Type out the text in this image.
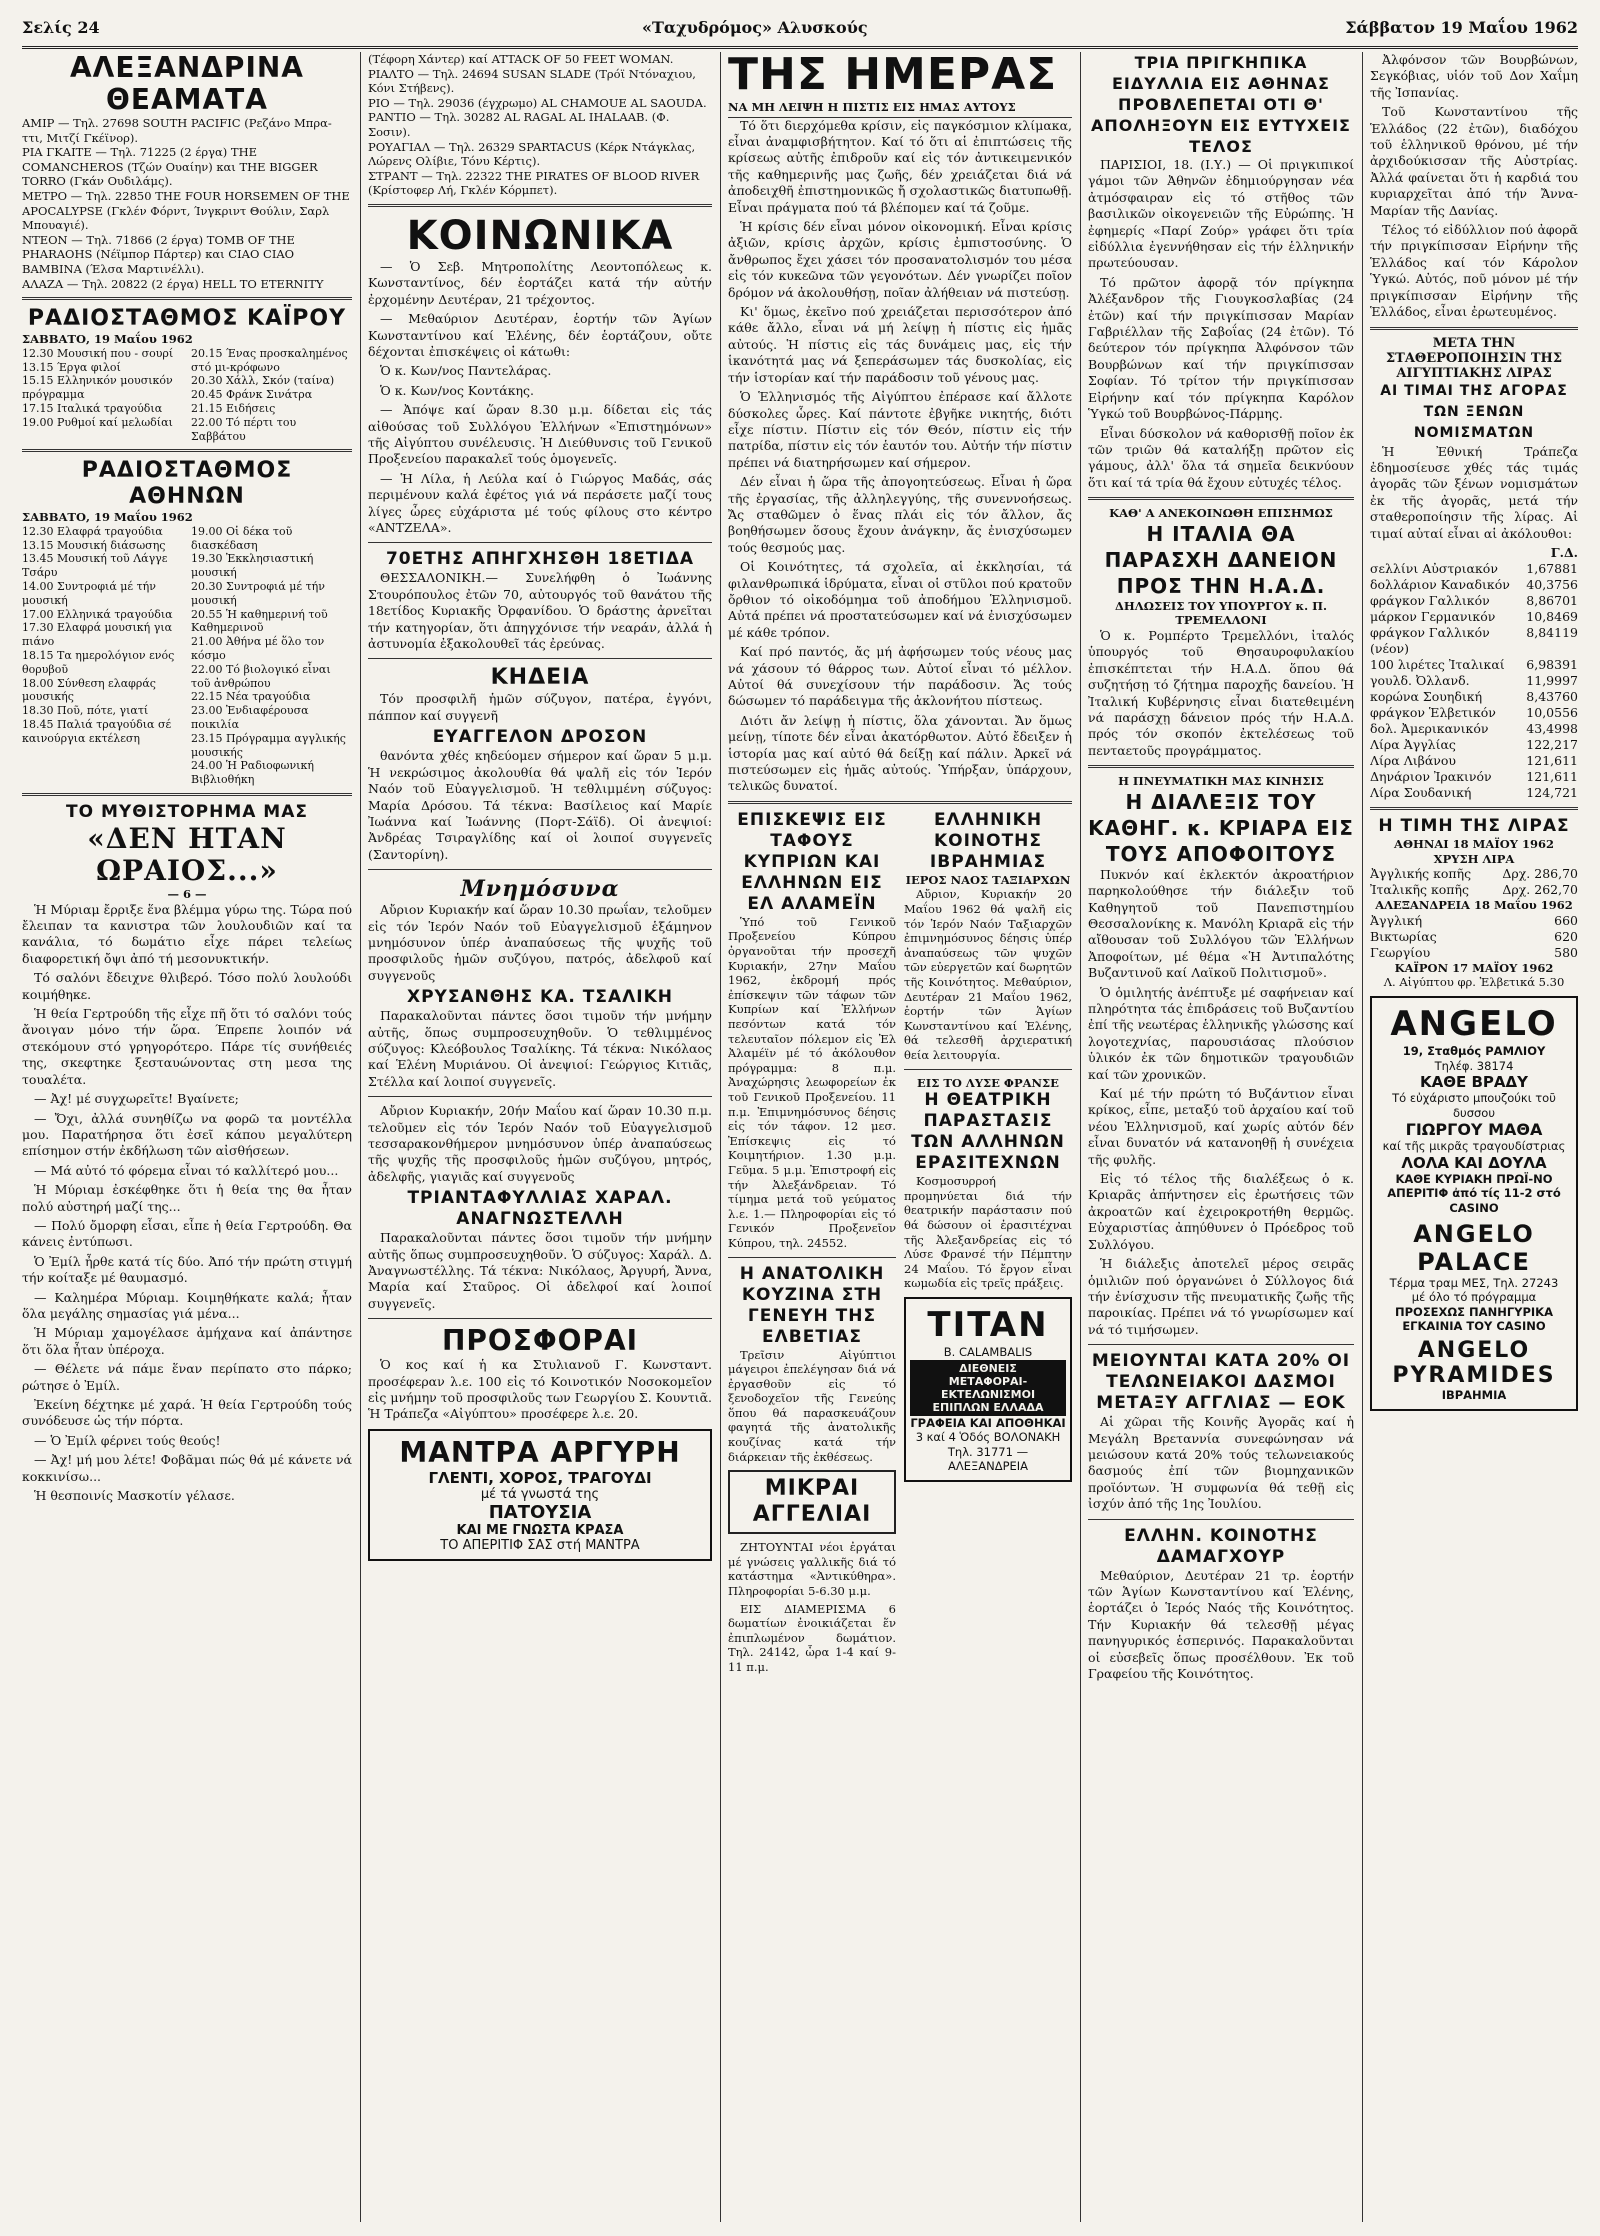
Σελίς 24	«Ταχυδρόμος» Αλυσκούς	Σάββατον 19 Μαΐου 1962
ΑΛΕΞΑΝΔΡΙΝΑ ΘΕΑΜΑΤΑ
ΑΜΙΡ — Τηλ. 27698 SOUTH PACIFIC (Ρεζάνο Μπρα-ττι, Μιτζί Γκέϊνορ).
ΡΙΑ ΓΚΑΙΤΕ — Τηλ. 71225 (2 έργα) THE COMANCHEROS (Τζών Ουαίην) και THE BIGGER TORRO (Γκάν Ουδιλάμς).
ΜΕΤΡΟ — Τηλ. 22850 THE FOUR HORSEMEN OF THE APOCALYPSE (Γκλέν Φόρντ, Ίνγκριντ Θούλιν, Σαρλ Μπουαγιέ).
ΝΤΕΟΝ — Τηλ. 71866 (2 έργα) TOMB OF THE PHARAOHS (Νέϊμπορ Πάρτερ) και CIAO CIAO BAMBINA (Έλσα Μαρτινέλλι).
ΑΛΑΖΑ — Τηλ. 20822 (2 έργα) HELL TO ETERNITY
ΡΑΔΙΟΣΤΑΘΜΟΣ ΚΑΪΡΟΥ
ΣΑΒΒΑΤΟ, 19 Μαΐου 1962
12.30 Μουσική που - σουρί
13.15 Έργα φιλοί
15.15 Ελληνικόν μουσικόν πρόγραμμα
17.15 Ιταλικά τραγούδια
19.00 Ρυθμοί καί μελωδίαι
20.15 Ένας προσκαλημένος στό μι-κρόφωνο
20.30 Χάλλ, Σκόν (ταίνα)
20.45 Φράνκ Σινάτρα
21.15 Ειδήσεις
22.00 Τό πέρτι του Σαββάτου
ΡΑΔΙΟΣΤΑΘΜΟΣ ΑΘΗΝΩΝ
ΣΑΒΒΑΤΟ, 19 Μαΐου 1962
12.30 Ελαφρά τραγούδια
13.15 Μουσική διάσωσης
13.45 Μουσική τοῦ Λάγγε Τσάρυ
14.00 Συντροφιά μέ τήν μουσική
17.00 Ελληνικά τραγούδια
17.30 Ελαφρά μουσική για πιάνο
18.15 Τα ημερολόγιον ενός θορυβοῦ
18.00 Σύνθεση ελαφράς μουσικής
18.30 Ποῦ, πότε, γιατί
18.45 Παλιά τραγούδια σέ καινούργια εκτέλεση
19.00 Οἱ δέκα τοῦ διασκέδαση
19.30 Ἐκκλησιαστική μουσική
20.30 Συντροφιά μέ τήν μουσική
20.55 Ἡ καθημερινή τοῦ Καθημερινοῦ
21.00 Ἀθήνα μέ ὅλο τον κόσμο
22.00 Τό βιολογικό εἶναι τοῦ ἀνθρώπου
22.15 Νέα τραγούδια
23.00 Ἐνδιαφέρουσα ποικιλία
23.15 Πρόγραμμα αγγλικής μουσικής
24.00 Ἡ Ραδιοφωνική Βιβλιοθήκη
ΤΟ ΜΥΘΙΣΤΟΡΗΜΑ ΜΑΣ
«ΔΕΝ ΗΤΑΝ ΩΡΑΙΟΣ...»
— 6 —

Ἡ Μύριαμ ἔρριξε ἕνα βλέμμα γύρω της. Τώρα πού ἔλειπαν τα κανιστρα τῶν λουλουδιῶν καί τα κανάλια, τό δωμάτιο εἶχε πάρει τελείως διαφορετική ὄψι ἀπό τή μεσονυκτικήν.

Τό σαλόνι ἔδειχνε θλιβερό. Τόσο πολύ λουλούδι κοιμήθηκε.

Ἡ θεία Γερτρούδη τῆς εἶχε πῆ ὅτι τό σαλόνι τούς ἄνοιγαν μόνο τήν ὥρα. Έπρεπε λοιπόν νά στεκόμουν στό γρηγορότερο. Πάρε τίς συνήθειές της, σκεφτηκε ξεσταυώνοντας στη μεσα της τουαλέτα.

— Ἀχ! μέ συγχωρεῖτε! Βγαίνετε;

— Ὄχι, ἀλλά συνηθίζω να φορῶ τα μοντέλλα μου. Παρατήρησα ὅτι ἐσεῖ κάπου μεγαλύτερη επίσημον στήν ἐκδήλωση τῶν αἰσθήσεων.

— Μά αὐτό τό φόρεμα εἶναι τό καλλίτερό μου...

Ἡ Μύριαμ ἐσκέφθηκε ὅτι ἡ θεία της θα ἦταν πολύ αὐστηρή μαζί της...

— Πολύ ὄμορφη εἶσαι, εἶπε ἡ θεία Γερτρούδη. Θα κάνεις ἐντύπωσι.

Ὁ Ἐμίλ ἦρθε κατά τίς δύο. Ἀπό τήν πρώτη στιγμή τήν κοίταξε μέ θαυμασμό.

— Καλημέρα Μύριαμ. Κοιμηθήκατε καλά; ἦταν ὅλα μεγάλης σημασίας γιά μένα...

Ἡ Μύριαμ χαμογέλασε ἀμήχανα καί ἀπάντησε ὅτι ὅλα ἦταν ὑπέροχα.

— Θέλετε νά πάμε ἕναν περίπατο στο πάρκο; ρώτησε ὁ Ἐμίλ.

Ἐκείνη δέχτηκε μέ χαρά. Ἡ θεία Γερτρούδη τούς συνόδευσε ὡς τήν πόρτα.

— Ὁ Ἐμίλ φέρνει τούς θεούς!

— Ἀχ! μή μου λέτε! Φοβᾶμαι πώς θά μέ κάνετε νά κοκκινίσω...

Ἡ θεσποινίς Μασκοτίν γέλασε.

(Τέφορη Χάντερ) καί ATTACK OF 50 FEET WOMAN.
ΡΙΑΛΤΟ — Τηλ. 24694 SUSAN SLADE (Τρόϊ Ντόναχιου, Κόνι Στήβενς).
ΡΙΟ — Τηλ. 29036 (έγχρωμο) AL CHAMOUE AL SAOUDA.
ΡΑΝΤΙΟ — Τηλ. 30282 AL RAGAL AL IHALAAB. (Φ. Σοσιν).
ΡΟΥΑΓΙΑΛ — Τηλ. 26329 SPARTACUS (Κέρκ Ντάγκλας, Λώρενς Ολίβιε, Τόνυ Κέρτις).
ΣΤΡΑΝΤ — Τηλ. 22322 THE PIRATES OF BLOOD RIVER (Κρίστοφερ Λή, Γκλέν Κόρμπετ).
ΚΟΙΝΩΝΙΚΑ

— Ὁ Σεβ. Μητροπολίτης Λεοντοπόλεως κ. Κωνσταντίνος, δέν ἑορτάζει κατά τήν αὐτήν ἐρχομένην Δευτέραν, 21 τρέχοντος.

— Μεθαύριον Δευτέραν, ἑορτήν τῶν Ἁγίων Κωνσταντίνου καί Ἑλένης, δέν ἑορτάζουν, οὔτε δέχονται ἐπισκέψεις οἱ κάτωθι:

Ὁ κ. Κων/νος Παντελάρας.

Ὁ κ. Κων/νος Κοντάκης.

— Ἀπόψε καί ὥραν 8.30 μ.μ. δίδεται εἰς τάς αἰθούσας τοῦ Συλλόγου Ἑλλήνων «Ἐπιστημόνων» τῆς Αἰγύπτου συνέλευσις. Ἡ Διεύθυνσις τοῦ Γενικοῦ Προξενείου παρακαλεῖ τούς ὁμογενεῖς.

— Ἡ Λίλα, ἡ Λεύλα καί ὁ Γιώργος Μαδάς, σάς περιμένουν καλά ἐφέτος γιά νά περάσετε μαζί τους λίγες ὧρες εὐχάριστα μέ τούς φίλους στο κέντρο «ΑΝΤΖΕΛΑ».

70ΕΤΗΣ ΑΠΗΓΧΗΣΘΗ 18ΕΤΙΔΑ

ΘΕΣΣΑΛΟΝΙΚΗ.— Συνελήφθη ὁ Ἰωάννης Στουρόπουλος ἐτῶν 70, αὐτουργός τοῦ θανάτου τῆς 18ετίδος Κυριακῆς Ὀρφανίδου. Ὁ δράστης ἀρνεῖται τήν κατηγορίαν, ὅτι ἀπηγχόνισε τήν νεαράν, ἀλλά ἡ ἀστυνομία ἐξακολουθεῖ τάς ἐρεύνας.

ΚΗΔΕΙΑ

Τόν προσφιλῆ ἡμῶν σύζυγον, πατέρα, ἐγγόνι, πάππον καί συγγενῆ

ΕΥΑΓΓΕΛΟΝ ΔΡΟΣΟΝ

θανόντα χθές κηδεύομεν σήμερον καί ὥραν 5 μ.μ. Ἡ νεκρώσιμος ἀκολουθία θά ψαλῆ εἰς τόν Ἱερόν Ναόν τοῦ Εὐαγγελισμοῦ. Ἡ τεθλιμμένη σύζυγος: Μαρία Δρόσου. Τά τέκνα: Βασίλειος καί Μαρίε Ἰωάννα καί Ἰωάννης (Πορτ-Σάϊδ). Οἱ ἀνεψιοί: Ἀνδρέας Τσιραγλίδης καί οἱ λοιποί συγγενεῖς (Σαντορίνη).

Μνημόσυνα

Αὔριον Κυριακήν καί ὥραν 10.30 πρωΐαν, τελοῦμεν εἰς τόν Ἱερόν Ναόν τοῦ Εὐαγγελισμοῦ ἑξάμηνον μνημόσυνον ὑπέρ ἀναπαύσεως τῆς ψυχῆς τοῦ προσφιλοῦς ἡμῶν συζύγου, πατρός, ἀδελφοῦ καί συγγενοῦς

ΧΡΥΣΑΝΘΗΣ ΚΑ. ΤΣΑΛΙΚΗ

Παρακαλοῦνται πάντες ὅσοι τιμοῦν τήν μνήμην αὐτῆς, ὅπως συμπροσευχηθοῦν. Ὁ τεθλιμμένος σύζυγος: Κλεόβουλος Τσαλίκης. Τά τέκνα: Νικόλαος καί Ἑλένη Μυριάνου. Οἱ ἀνεψιοί: Γεώργιος Κιτιᾶς, Στέλλα καί λοιποί συγγενεῖς.

Αὔριον Κυριακήν, 20ήν Μαΐου καί ὥραν 10.30 π.μ. τελοῦμεν εἰς τόν Ἱερόν Ναόν τοῦ Εὐαγγελισμοῦ τεσσαρακονθήμερον μνημόσυνον ὑπέρ ἀναπαύσεως τῆς ψυχῆς τῆς προσφιλοῦς ἡμῶν συζύγου, μητρός, ἀδελφῆς, γιαγιᾶς καί συγγενοῦς

ΤΡΙΑΝΤΑΦΥΛΛΙΑΣ ΧΑΡΑΛ. ΑΝΑΓΝΩΣΤΕΛΛΗ

Παρακαλοῦνται πάντες ὅσοι τιμοῦν τήν μνήμην αὐτῆς ὅπως συμπροσευχηθοῦν. Ὁ σύζυγος: Χαράλ. Δ. Ἀναγνωστέλλης. Τά τέκνα: Νικόλαος, Ἀργυρή, Ἄννα, Μαρία καί Σταῦρος. Οἱ ἀδελφοί καί λοιποί συγγενεῖς.

ΠΡΟΣΦΟΡΑΙ

Ὁ κος καί ἡ κα Στυλιανοῦ Γ. Κωνσταντ. προσέφεραν λ.ε. 100 εἰς τό Κοινοτικόν Νοσοκομεῖον εἰς μνήμην τοῦ προσφιλοῦς των Γεωργίου Σ. Κουντιᾶ. Ἡ Τράπεζα «Αἰγύπτου» προσέφερε λ.ε. 20.

ΜΑΝΤΡΑ ΑΡΓΥΡΗ
ΓΛΕΝΤΙ, ΧΟΡΟΣ, ΤΡΑΓΟΥΔΙ
μέ τά γνωστά της
ΠΑΤΟΥΣΙΑ
ΚΑΙ ΜΕ ΓΝΩΣΤΑ ΚΡΑΣΑ
ΤΟ ΑΠΕΡΙΤΙΦ ΣΑΣ στή ΜΑΝΤΡΑ
ΤΗΣ ΗΜΕΡΑΣ
ΝΑ ΜΗ ΛΕΙΨΗ Η ΠΙΣΤΙΣ ΕΙΣ ΗΜΑΣ ΑΥΤΟΥΣ

Τό ὅτι διερχόμεθα κρίσιν, εἰς παγκόσμιον κλίμακα, εἶναι ἀναμφισβήτητον. Καί τό ὅτι αἱ ἐπιπτώσεις τῆς κρίσεως αὐτῆς ἐπιδροῦν καί εἰς τόν ἀντικειμενικόν τῆς καθημερινῆς μας ζωῆς, δέν χρειάζεται διά νά ἀποδειχθῆ ἐπιστημονικῶς ἤ σχολαστικῶς διατυπωθῇ. Εἶναι πράγματα πού τά βλέπομεν καί τά ζοῦμε.

Ἡ κρίσις δέν εἶναι μόνον οἰκονομική. Εἶναι κρίσις ἀξιῶν, κρίσις ἀρχῶν, κρίσις ἐμπιστοσύνης. Ὁ ἄνθρωπος ἔχει χάσει τόν προσανατολισμόν του μέσα εἰς τόν κυκεῶνα τῶν γεγονότων. Δέν γνωρίζει ποῖον δρόμον νά ἀκολουθήσῃ, ποῖαν ἀλήθειαν νά πιστεύσῃ.

Κι' ὅμως, ἐκεῖνο πού χρειάζεται περισσότερον ἀπό κάθε ἄλλο, εἶναι νά μή λείψῃ ἡ πίστις εἰς ἡμᾶς αὐτούς. Ἡ πίστις εἰς τάς δυνάμεις μας, εἰς τήν ἱκανότητά μας νά ξεπεράσωμεν τάς δυσκολίας, εἰς τήν ἱστορίαν καί τήν παράδοσιν τοῦ γένους μας.

Ὁ Ἑλληνισμός τῆς Αἰγύπτου ἐπέρασε καί ἄλλοτε δύσκολες ὧρες. Καί πάντοτε ἐβγῆκε νικητής, διότι εἶχε πίστιν. Πίστιν εἰς τόν Θεόν, πίστιν εἰς τήν πατρίδα, πίστιν εἰς τόν ἑαυτόν του. Αὐτήν τήν πίστιν πρέπει νά διατηρήσωμεν καί σήμερον.

Δέν εἶναι ἡ ὥρα τῆς ἀπογοητεύσεως. Εἶναι ἡ ὥρα τῆς ἐργασίας, τῆς ἀλληλεγγύης, τῆς συνεννοήσεως. Ἄς σταθῶμεν ὁ ἕνας πλάι εἰς τόν ἄλλον, ἄς βοηθήσωμεν ὅσους ἔχουν ἀνάγκην, ἄς ἐνισχύσωμεν τούς θεσμούς μας.

Οἱ Κοινότητες, τά σχολεῖα, αἱ ἐκκλησίαι, τά φιλανθρωπικά ἱδρύματα, εἶναι οἱ στῦλοι πού κρατοῦν ὄρθιον τό οἰκοδόμημα τοῦ ἀποδήμου Ἑλληνισμοῦ. Αὐτά πρέπει νά προστατεύσωμεν καί νά ἐνισχύσωμεν μέ κάθε τρόπον.

Καί πρό παντός, ἄς μή ἀφήσωμεν τούς νέους μας νά χάσουν τό θάρρος των. Αὐτοί εἶναι τό μέλλον. Αὐτοί θά συνεχίσουν τήν παράδοσιν. Ἄς τούς δώσωμεν τό παράδειγμα τῆς ἀκλονήτου πίστεως.

Διότι ἄν λείψῃ ἡ πίστις, ὅλα χάνονται. Ἄν ὅμως μείνῃ, τίποτε δέν εἶναι ἀκατόρθωτον. Αὐτό ἔδειξεν ἡ ἱστορία μας καί αὐτό θά δείξῃ καί πάλιν. Ἀρκεῖ νά πιστεύσωμεν εἰς ἡμᾶς αὐτούς. Ὑπήρξαν, ὑπάρχουν, τελικῶς δυνατοί.

ΕΠΙΣΚΕΨΙΣ ΕΙΣ ΤΑΦΟΥΣ ΚΥΠΡΙΩΝ ΚΑΙ ΕΛΛΗΝΩΝ ΕΙΣ ΕΛ ΑΛΑΜΕΪΝ

Ὑπό τοῦ Γενικοῦ Προξενείου Κύπρου ὀργανοῦται τήν προσεχῆ Κυριακήν, 27ην Μαΐου 1962, ἐκδρομή πρός ἐπίσκεψιν τῶν τάφων τῶν Κυπρίων καί Ἑλλήνων πεσόντων κατά τόν τελευταῖον πόλεμον εἰς Ἐλ Ἀλαμέϊν μέ τό ἀκόλουθον πρόγραμμα: 8 π.μ. Ἀναχώρησις λεωφορείων ἐκ τοῦ Γενικοῦ Προξενείου. 11 π.μ. Ἐπιμνημόσυνος δέησις εἰς τόν τάφον. 12 μεσ. Ἐπίσκεψις εἰς τό Κοιμητήριον. 1.30 μ.μ. Γεῦμα. 5 μ.μ. Ἐπιστροφή εἰς τήν Ἀλεξάνδρειαν. Τό τίμημα μετά τοῦ γεύματος λ.ε. 1.— Πληροφορίαι εἰς τό Γενικόν Προξενεῖον Κύπρου, τηλ. 24552.

Η ΑΝΑΤΟΛΙΚΗ ΚΟΥΖΙΝΑ ΣΤΗ ΓΕΝΕΥΗ ΤΗΣ ΕΛΒΕΤΙΑΣ

Τρεῖσιν Αἰγύπτιοι μάγειροι ἐπελέγησαν διά νά ἐργασθοῦν εἰς τό ξενοδοχεῖον τῆς Γενεύης ὅπου θά παρασκευάζουν φαγητά τῆς ἀνατολικῆς κουζίνας κατά τήν διάρκειαν τῆς ἐκθέσεως.

ΜΙΚΡΑΙ ΑΓΓΕΛΙΑΙ

ΖΗΤΟΥΝΤΑΙ νέοι ἐργάται μέ γνώσεις γαλλικῆς διά τό κατάστημα «Ἀντικύθηρα». Πληροφορίαι 5-6.30 μ.μ.

ΕΙΣ ΔΙΑΜΕΡΙΣΜΑ 6 δωματίων ἐνοικιάζεται ἕν ἐπιπλωμένον δωμάτιον. Τηλ. 24142, ὧρα 1-4 καί 9-11 π.μ.

ΕΛΛΗΝΙΚΗ ΚΟΙΝΟΤΗΣ ΙΒΡΑΗΜΙΑΣ
ΙΕΡΟΣ ΝΑΟΣ ΤΑΞΙΑΡΧΩΝ

Αὔριον, Κυριακήν 20 Μαΐου 1962 θά ψαλῆ εἰς τόν Ἱερόν Ναόν Ταξιαρχῶν ἐπιμνημόσυνος δέησις ὑπέρ ἀναπαύσεως τῶν ψυχῶν τῶν εὐεργετῶν καί δωρητῶν τῆς Κοινότητος. Μεθαύριον, Δευτέραν 21 Μαΐου 1962, ἑορτήν τῶν Ἁγίων Κωνσταντίνου καί Ἑλένης, θά τελεσθῆ ἀρχιερατική θεία λειτουργία.

ΕΙΣ ΤΟ ΛΥΣΕ ΦΡΑΝΣΕ
Η ΘΕΑΤΡΙΚΗ ΠΑΡΑΣΤΑΣΙΣ ΤΩΝ ΑΛΛΗΝΩΝ ΕΡΑΣΙΤΕΧΝΩΝ

Κοσμοσυρροή προμηνύεται διά τήν θεατρικήν παράστασιν πού θά δώσουν οἱ ἐρασιτέχναι τῆς Ἀλεξανδρείας εἰς τό Λύσε Φρανσέ τήν Πέμπτην 24 Μαΐου. Τό ἔργον εἶναι κωμωδία εἰς τρεῖς πράξεις.

TITAN
B. CALAMBALIS
ΔΙΕΘΝΕΙΣ ΜΕΤΑΦΟΡΑΙ-ΕΚΤΕΛΩΝΙΣΜΟΙ ΕΠΙΠΛΩΝ ΕΛΛΑΔΑ
ΓΡΑΦΕΙΑ ΚΑΙ ΑΠΟΘΗΚΑΙ
3 καί 4 Ὁδός ΒΟΛΟΝΑΚΗ
Τηλ. 31771 — ΑΛΕΞΑΝΔΡΕΙΑ
ΤΡΙΑ ΠΡΙΓΚΗΠΙΚΑ ΕΙΔΥΛΛΙΑ ΕΙΣ ΑΘΗΝΑΣ ΠΡΟΒΛΕΠΕΤΑΙ ΟΤΙ Θ' ΑΠΟΛΗΞΟΥΝ ΕΙΣ ΕΥΤΥΧΕΙΣ ΤΕΛΟΣ

ΠΑΡΙΣΙΟΙ, 18. (Ι.Υ.) — Οἱ πριγκιπικοί γάμοι τῶν Ἀθηνῶν ἐδημιούργησαν νέα ἀτμόσφαιραν εἰς τό στῆθος τῶν βασιλικῶν οἰκογενειῶν τῆς Εὐρώπης. Ἡ ἐφημερίς «Παρί Ζούρ» γράφει ὅτι τρία εἰδύλλια ἐγεννήθησαν εἰς τήν ἑλληνικήν πρωτεύουσαν.

Τό πρῶτον ἀφορᾷ τόν πρίγκηπα Ἀλέξανδρον τῆς Γιουγκοσλαβίας (24 ἐτῶν) καί τήν πριγκίπισσαν Μαρίαν Γαβριέλλαν τῆς Σαβοΐας (24 ἐτῶν). Τό δεύτερον τόν πρίγκηπα Ἀλφόνσον τῶν Βουρβώνων καί τήν πριγκίπισσαν Σοφίαν. Τό τρίτον τήν πριγκίπισσαν Εἰρήνην καί τόν πρίγκηπα Καρόλον Ὑγκώ τοῦ Βουρβώνος-Πάρμης.

Εἶναι δύσκολον νά καθορισθῇ ποῖον ἐκ τῶν τριῶν θά καταλήξῃ πρῶτον εἰς γάμους, ἀλλ' ὅλα τά σημεῖα δεικνύουν ὅτι καί τά τρία θά ἔχουν εὐτυχές τέλος.

ΚΑΘ' Α ΑΝΕΚΟΙΝΩΘΗ ΕΠΙΣΗΜΩΣ
Η ΙΤΑΛΙΑ ΘΑ ΠΑΡΑΣΧΗ ΔΑΝΕΙΟΝ ΠΡΟΣ ΤΗΝ Η.Α.Δ.
ΔΗΛΩΣΕΙΣ ΤΟΥ ΥΠΟΥΡΓΟΥ κ. Π. ΤΡΕΜΕΛΛΟΝΙ

Ὁ κ. Ρομπέρτο Τρεμελλόνι, ἰταλός ὑπουργός τοῦ Θησαυροφυλακίου ἐπισκέπτεται τήν Η.Α.Δ. ὅπου θά συζητήσῃ τό ζήτημα παροχῆς δανείου. Ἡ Ἰταλική Κυβέρνησις εἶναι διατεθειμένη νά παράσχῃ δάνειον πρός τήν Η.Α.Δ. πρός τόν σκοπόν ἐκτελέσεως τοῦ πενταετοῦς προγράμματος.

Η ΠΝΕΥΜΑΤΙΚΗ ΜΑΣ ΚΙΝΗΣΙΣ
Η ΔΙΑΛΕΞΙΣ ΤΟΥ ΚΑΘΗΓ. κ. ΚΡΙΑΡΑ ΕΙΣ ΤΟΥΣ ΑΠΟΦΟΙΤΟΥΣ

Πυκνόν καί ἐκλεκτόν ἀκροατήριον παρηκολούθησε τήν διάλεξιν τοῦ Καθηγητοῦ τοῦ Πανεπιστημίου Θεσσαλονίκης κ. Μανόλη Κριαρᾶ εἰς τήν αἴθουσαν τοῦ Συλλόγου τῶν Ἑλλήνων Ἀποφοίτων, μέ θέμα «Ἡ Ἀντιπαλότης Βυζαντινοῦ καί Λαϊκοῦ Πολιτισμοῦ».

Ὁ ὁμιλητής ἀνέπτυξε μέ σαφήνειαν καί πληρότητα τάς ἐπιδράσεις τοῦ Βυζαντίου ἐπί τῆς νεωτέρας ἑλληνικῆς γλώσσης καί λογοτεχνίας, παρουσιάσας πλούσιον ὑλικόν ἐκ τῶν δημοτικῶν τραγουδιῶν καί τῶν χρονικῶν.

Καί μέ τήν πρώτη τό Βυζάντιον εἶναι κρίκος, εἶπε, μεταξύ τοῦ ἀρχαίου καί τοῦ νέου Ἑλληνισμοῦ, καί χωρίς αὐτόν δέν εἶναι δυνατόν νά κατανοηθῇ ἡ συνέχεια τῆς φυλῆς.

Εἰς τό τέλος τῆς διαλέξεως ὁ κ. Κριαρᾶς ἀπήντησεν εἰς ἐρωτήσεις τῶν ἀκροατῶν καί ἐχειροκροτήθη θερμῶς. Εὐχαριστίας ἀπηύθυνεν ὁ Πρόεδρος τοῦ Συλλόγου.

Ἡ διάλεξις ἀποτελεῖ μέρος σειρᾶς ὁμιλιῶν πού ὀργανώνει ὁ Σύλλογος διά τήν ἐνίσχυσιν τῆς πνευματικῆς ζωῆς τῆς παροικίας. Πρέπει νά τό γνωρίσωμεν καί νά τό τιμήσωμεν.

ΜΕΙΟΥΝΤΑΙ ΚΑΤΑ 20% ΟΙ ΤΕΛΩΝΕΙΑΚΟΙ ΔΑΣΜΟΙ ΜΕΤΑΞΥ ΑΓΓΛΙΑΣ — ΕΟΚ

Αἱ χῶραι τῆς Κοινῆς Ἀγορᾶς καί ἡ Μεγάλη Βρεταννία συνεφώνησαν νά μειώσουν κατά 20% τούς τελωνειακούς δασμούς ἐπί τῶν βιομηχανικῶν προϊόντων. Ἡ συμφωνία θά τεθῇ εἰς ἰσχύν ἀπό τῆς 1ης Ἰουλίου.

ΕΛΛΗΝ. ΚΟΙΝΟΤΗΣ ΔΑΜΑΓΧΟΥΡ

Μεθαύριον, Δευτέραν 21 τρ. ἑορτήν τῶν Ἁγίων Κωνσταντίνου καί Ἑλένης, ἑορτάζει ὁ Ἱερός Ναός τῆς Κοινότητος. Τήν Κυριακήν θά τελεσθῇ μέγας πανηγυρικός ἑσπερινός. Παρακαλοῦνται οἱ εὐσεβεῖς ὅπως προσέλθουν. Ἐκ τοῦ Γραφείου τῆς Κοινότητος.

Ἀλφόνσον τῶν Βουρβώνων, Σεγκόβιας, υἱόν τοῦ Δον Χαΐμη τῆς Ἰσπανίας.

Τοῦ Κωνσταντίνου τῆς Ἑλλάδος (22 ἐτῶν), διαδόχου τοῦ ἑλληνικοῦ θρόνου, μέ τήν ἀρχιδούκισσαν τῆς Αὐστρίας. Ἀλλά φαίνεται ὅτι ἡ καρδιά του κυριαρχεῖται ἀπό τήν Ἄννα-Μαρίαν τῆς Δανίας.

Τέλος τό εἰδύλλιον πού ἀφορᾶ τήν πριγκίπισσαν Εἰρήνην τῆς Ἑλλάδος καί τόν Κάρολον Ὑγκώ. Αὐτός, ποῦ μόνον μέ τήν πριγκίπισσαν Εἰρήνην τῆς Ἑλλάδος, εἶναι ἐρωτευμένος.

ΜΕΤΑ ΤΗΝ ΣΤΑΘΕΡΟΠΟΙΗΣΙΝ ΤΗΣ ΑΙΓΥΠΤΙΑΚΗΣ ΛΙΡΑΣ
ΑΙ ΤΙΜΑΙ ΤΗΣ ΑΓΟΡΑΣ ΤΩΝ ΞΕΝΩΝ ΝΟΜΙΣΜΑΤΩΝ

Ἡ Ἐθνική Τράπεζα ἐδημοσίευσε χθές τάς τιμάς ἀγορᾶς τῶν ξένων νομισμάτων ἐκ τῆς ἀγορᾶς, μετά τήν σταθεροποίησιν τῆς λίρας. Αἱ τιμαί αὐταί εἶναι αἱ ἀκόλουθοι:

Γ.Δ.
σελλίνι Αὐστριακόν 1,67881
δολλάριον Καναδικόν 40,3756
φράγκον Γαλλικόν	8,86701
μάρκον Γερμανικόν 10,8469
φράγκον Γαλλικόν (νέον)
8,84119
100 λιρέτες Ἰταλικαί 6,98391
γουλδ. Ὀλλανδ.	11,9997
κορώνα Σουηδική	8,43760
φράγκον Ἑλβετικόν 10,0556
δολ. Ἀμερικανικόν	43,4998
Λίρα Ἀγγλίας	122,217
Λίρα Λιβάνου	121,611
Δηνάριον Ἰρακινόν	121,611
Λίρα Σουδανική	124,721
Η ΤΙΜΗ ΤΗΣ ΛΙΡΑΣ
ΑΘΗΝΑΙ 18 ΜΑΪΟΥ 1962
ΧΡΥΣΗ ΛΙΡΑ
Ἀγγλικής κοπῆς Δρχ. 286,70
Ἰταλικῆς κοπῆς	Δρχ. 262,70
ΑΛΕΞΑΝΔΡΕΙΑ 18 Μαΐου 1962
Ἀγγλική	660
Βικτωρίας	620
Γεωργίου	580
ΚΑΪΡΟΝ 17 ΜΑΪΟΥ 1962
Λ. Αἰγύπτου φρ. Ἑλβετικά 5.30
ANGELO
19, Σταθμός ΡΑΜΛΙΟΥ
Τηλέφ. 38174
ΚΑΘΕ ΒΡΑΔΥ
Τό εὐχάριστο μπουζούκι τοῦ δυσσου
ΓΙΩΡΓΟΥ ΜΑΘΑ
καί τῆς μικρᾶς τραγουδίστριας
ΛΟΛΑ ΚΑΙ ΔΟΥΛΑ
ΚΑΘΕ ΚΥΡΙΑΚΗ ΠΡΩΪ-ΝΟ ΑΠΕΡΙΤΙΦ ἀπό τίς 11-2 στό CASINO
ANGELO PALACE
Τέρμα τραμ ΜΕΣ, Τηλ. 27243
μέ όλο τό πρόγραμμα
ΠΡΟΣΕΧΩΣ ΠΑΝΗΓΥΡΙΚΑ ΕΓΚΑΙΝΙΑ ΤΟΥ CASINO
ANGELO PYRAMIDES
ΙΒΡΑΗΜΙΑ
